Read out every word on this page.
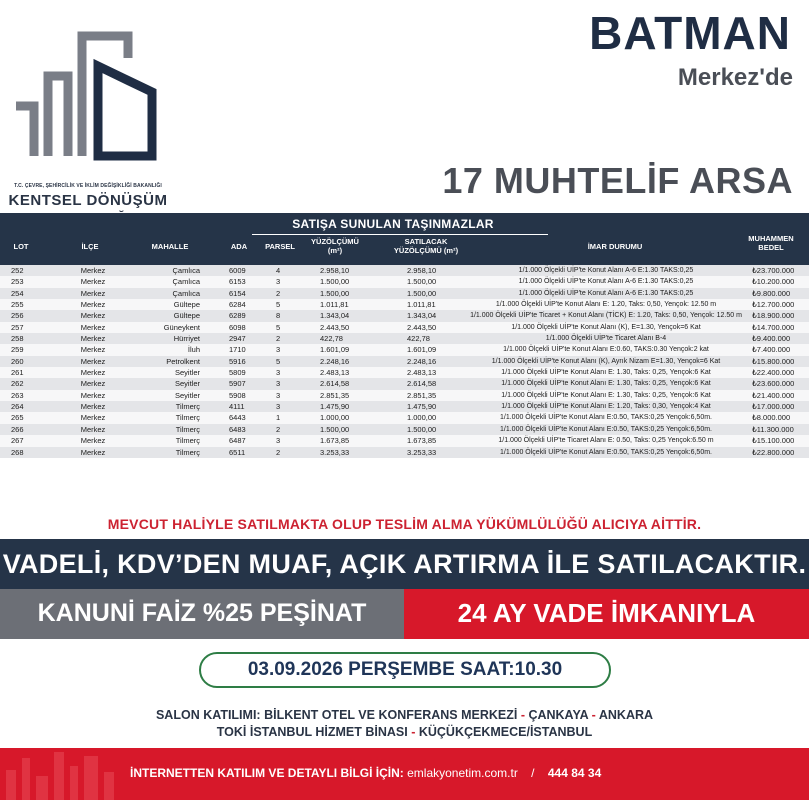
T.C. ÇEVRE, ŞEHİRCİLİK VE İKLİM DEĞİŞİKLİĞİ BAKANLIĞI
KENTSEL DÖNÜŞÜM
BATMAN
Merkez'de
17 MUHTELİF ARSA
SATIŞA SUNULAN TAŞINMAZLAR
LOT	İLÇE	MAHALLE	ADA	PARSEL
YÜZÖLÇÜMÜ
(m²)
SATILACAK
YÜZÖLÇÜMÜ (m²)	İMAR DURUMU
MUHAMMEN
BEDEL
252	Merkez	Çamlıca	6009	4	2.958,10	2.958,10	1/1.000 Ölçekli UİP'te Konut Alanı A-6 E:1.30 TAKS:0,25	₺23.700.000
253	Merkez	Çamlıca	6153	3	1.500,00	1.500,00	1/1.000 Ölçekli UİP'te Konut Alanı A-6 E:1.30 TAKS:0,25	₺10.200.000
254	Merkez	Çamlıca	6154	2	1.500,00	1.500,00	1/1.000 Ölçekli UİP'te Konut Alanı A-6 E:1.30 TAKS:0,25	₺9.800.000
255	Merkez	Gültepe	6284	5	1.011,81	1.011,81	1/1.000 Ölçekli UİP'te Konut Alanı E: 1.20, Taks: 0,50, Yençok: 12.50 m	₺12.700.000
256	Merkez	Gültepe	6289	8	1.343,04	1.343,04	1/1.000 Ölçekli UİP'te Ticaret + Konut Alanı (TİCK) E: 1.20, Taks: 0,50, Yençok: 12.50 m	₺18.900.000
257	Merkez	Güneykent	6098	5	2.443,50	2.443,50	1/1.000 Ölçekli UİP'te Konut Alanı (K), E=1.30, Yençok=6 Kat	₺14.700.000
258	Merkez	Hürriyet	2947	2	422,78	422,78	1/1.000 Ölçekli UİP'te Ticaret Alanı B-4	₺9.400.000
259	Merkez	İluh	1710	3	1.601,09	1.601,09	1/1.000 Ölçekli UİP'te Konut Alanı E:0.60, TAKS:0.30 Yençok:2 kat	₺7.400.000
260	Merkez	Petrolkent	5916	5	2.248,16	2.248,16	1/1.000 Ölçekli UİP'te Konut Alanı (K), Ayrık Nizam E=1.30, Yençok=6 Kat	₺15.800.000
261	Merkez	Seyitler	5809	3	2.483,13	2.483,13	1/1.000 Ölçekli UİP'te Konut Alanı E: 1.30, Taks: 0,25, Yençok:6 Kat	₺22.400.000
262	Merkez	Seyitler	5907	3	2.614,58	2.614,58	1/1.000 Ölçekli UİP'te Konut Alanı E: 1.30, Taks: 0,25, Yençok:6 Kat	₺23.600.000
263	Merkez	Seyitler	5908	3	2.851,35	2.851,35	1/1.000 Ölçekli UİP'te Konut Alanı E: 1.30, Taks: 0,25, Yençok:6 Kat	₺21.400.000
264	Merkez	Tilmerç	4111	3	1.475,90	1.475,90	1/1.000 Ölçekli UİP'te Konut Alanı E: 1.20, Taks: 0,30, Yençok:4 Kat	₺17.000.000
265	Merkez	Tilmerç	6443	1	1.000,00	1.000,00	1/1.000 Ölçekli UİP'te Konut Alanı E:0.50, TAKS:0,25 Yençok:6,50m.	₺8.000.000
266	Merkez	Tilmerç	6483	2	1.500,00	1.500,00	1/1.000 Ölçekli UİP'te Konut Alanı E:0.50, TAKS:0,25 Yençok:6,50m.	₺11.300.000
267	Merkez	Tilmerç	6487	3	1.673,85	1.673,85	1/1.000 Ölçekli UİP'te Ticaret Alanı E: 0.50, Taks: 0,25 Yençok:6.50 m	₺15.100.000
268	Merkez	Tilmerç	6511	2	3.253,33	3.253,33	1/1.000 Ölçekli UİP'te Konut Alanı E:0.50, TAKS:0,25 Yençok:6,50m.	₺22.800.000
MEVCUT HALİYLE SATILMAKTA OLUP TESLİM ALMA YÜKÜMLÜLÜĞÜ ALICIYA AİTTİR.
VADELİ, KDV’DEN MUAF, AÇIK ARTIRMA İLE SATILACAKTIR.
KANUNİ FAİZ %25 PEŞİNAT	24 AY VADE İMKANIYLA
03.09.2026 PERŞEMBE SAAT:10.30
SALON KATILIMI: BİLKENT OTEL VE KONFERANS MERKEZİ - ÇANKAYA - ANKARA
TOKİ İSTANBUL HİZMET BİNASI - KÜÇÜKÇEKMECE/İSTANBUL
İNTERNETTEN KATILIM VE DETAYLI BİLGİ İÇİN: emlakyonetim.com.tr / 444 84 34
